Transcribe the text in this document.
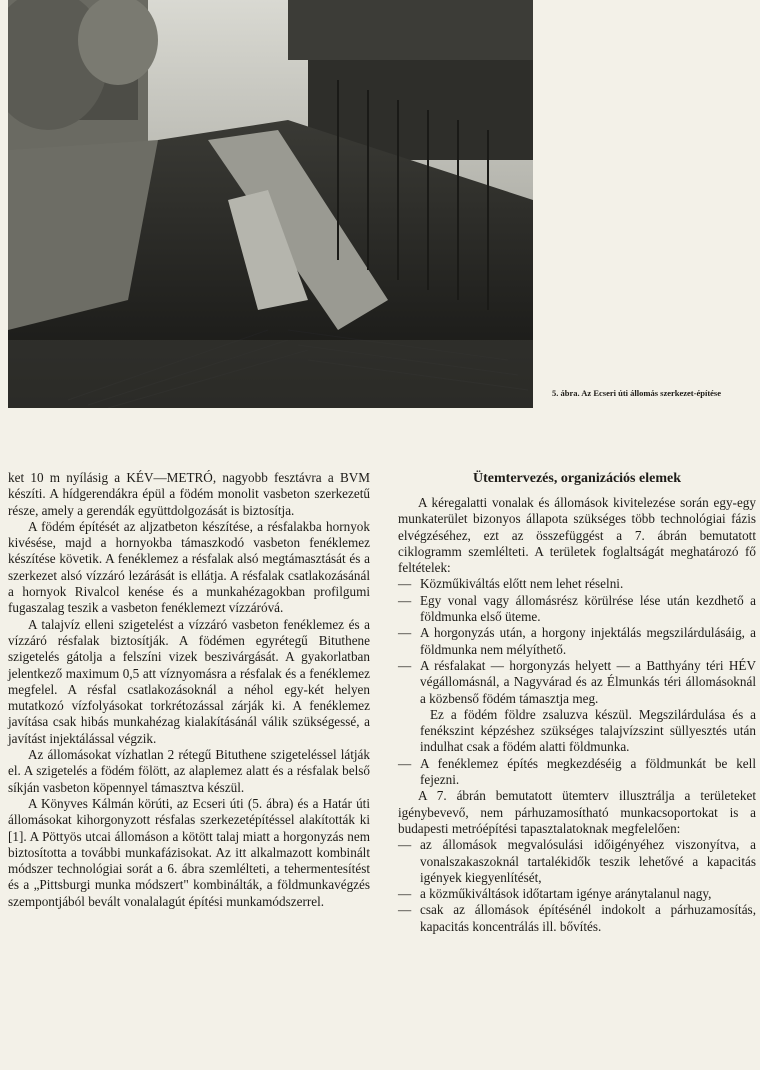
5. ábra. Az Ecseri úti állomás szerkezet-építése

ket 10 m nyílásig a KÉV—METRÓ, nagyobb fesztávra a BVM készíti. A hídgerendákra épül a födém monolit vasbeton szerkezetű része, amely a gerendák együttdolgozását is biztosítja.

A födém építését az aljzatbeton készítése, a résfalakba hornyok kivésése, majd a hornyokba támaszkodó vasbeton fenéklemez készítése követik. A fenéklemez a résfalak alsó megtámasztását és a szerkezet alsó vízzáró lezárását is ellátja. A résfalak csatlakozásánál a hornyok Rivalcol kenése és a munkahézagokban profilgumi fugaszalag teszik a vasbeton fenéklemezt vízzáróvá.

A talajvíz elleni szigetelést a vízzáró vasbeton fenéklemez és a vízzáró résfalak biztosítják. A födémen egyrétegű Bituthene szigetelés gátolja a felszíni vizek beszivárgását. A gyakorlatban jelentkező maximum 0,5 att víznyomásra a résfalak és a fenéklemez megfelel. A résfal csatlakozásoknál a néhol egy-két helyen mutatkozó vízfolyásokat torkrétozással zárják ki. A fenéklemez javítása csak hibás munkahézag kialakításánál válik szükségessé, a javítást injektálással végzik.

Az állomásokat vízhatlan 2 rétegű Bituthene szigeteléssel látják el. A szigetelés a födém fölött, az alaplemez alatt és a résfalak belső síkján vasbeton köpennyel támasztva készül.

A Könyves Kálmán körúti, az Ecseri úti (5. ábra) és a Határ úti állomásokat kihorgonyzott résfalas szerkezetépítéssel alakították ki [1]. A Pöttyös utcai állomáson a kötött talaj miatt a horgonyzás nem biztosította a további munkafázisokat. Az itt alkalmazott kombinált módszer technológiai sorát a 6. ábra szemlélteti, a tehermentesítést és a „Pittsburgi munka módszert" kombinálták, a földmunkavégzés szempontjából bevált vonalalagút építési munkamódszerrel.

Ütemtervezés, organizációs elemek

A kéregalatti vonalak és állomások kivitelezése során egy-egy munkaterület bizonyos állapota szükséges több technológiai fázis elvégzéséhez, ezt az összefüggést a 7. ábrán bemutatott ciklogramm szemlélteti. A területek foglaltságát meghatározó fő feltételek:

— Közműkiváltás előtt nem lehet réselni.
— Egy vonal vagy állomásrész körülrése lése után kezdhető a földmunka első üteme.
— A horgonyzás után, a horgony injektálás megszilárdulásáig, a földmunka nem mélyíthető.
— A résfalakat — horgonyzás helyett — a Batthyány téri HÉV végállomásnál, a Nagyvárad és az Élmunkás téri állomásoknál a közbenső födém támasztja meg.

Ez a födém földre zsaluzva készül. Megszilárdulása és a fenékszint képzéshez szükséges talajvízszint süllyesztés után indulhat csak a födém alatti földmunka.

— A fenéklemez építés megkezdéséig a földmunkát be kell fejezni.

A 7. ábrán bemutatott ütemterv illusztrálja a területeket igénybevevő, nem párhuzamosítható munkacsoportokat is a budapesti metróépítési tapasztalatoknak megfelelően:

— az állomások megvalósulási időigényéhez viszonyítva, a vonalszakaszoknál tartalékidők teszik lehetővé a kapacitás igények kiegyenlítését,
— a közműkiváltások időtartam igénye aránytalanul nagy,
— csak az állomások építésénél indokolt a párhuzamosítás, kapacitás koncentrálás ill. bővítés.
